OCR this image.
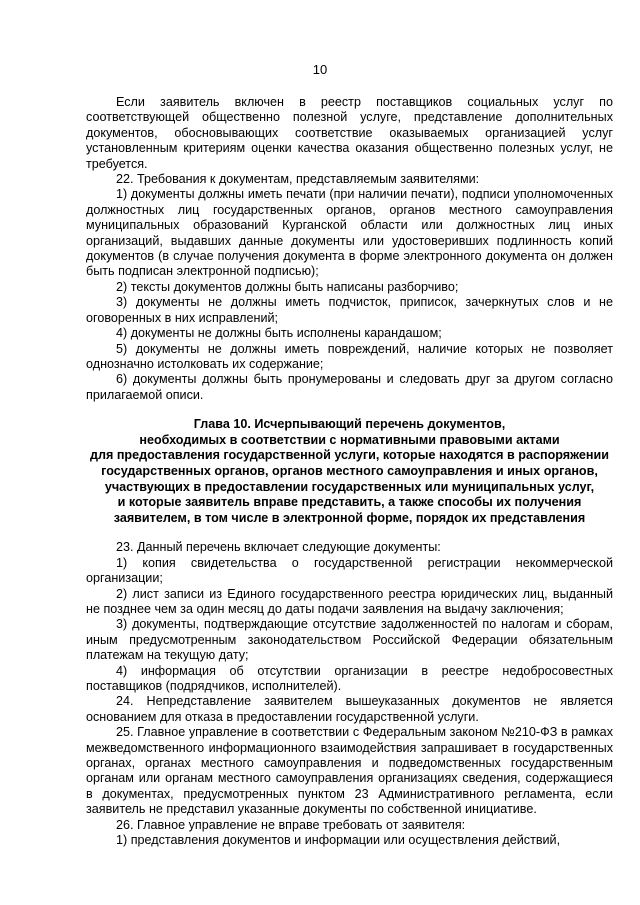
10

Если заявитель включен в реестр поставщиков социальных услуг по соответствующей общественно полезной услуге, представление дополнительных документов, обосновывающих соответствие оказываемых организацией услуг установленным критериям оценки качества оказания общественно полезных услуг, не требуется.

22. Требования к документам, представляемым заявителями:

1) документы должны иметь печати (при наличии печати), подписи уполномоченных должностных лиц государственных органов, органов местного самоуправления муниципальных образований Курганской области или должностных лиц иных организаций, выдавших данные документы или удостоверивших подлинность копий документов (в случае получения документа в форме электронного документа он должен быть подписан электронной подписью);

2) тексты документов должны быть написаны разборчиво;

3) документы не должны иметь подчисток, приписок, зачеркнутых слов и не оговоренных в них исправлений;

4) документы не должны быть исполнены карандашом;

5) документы не должны иметь повреждений, наличие которых не позволяет однозначно истолковать их содержание;

6) документы должны быть пронумерованы и следовать друг за другом согласно прилагаемой описи.

Глава 10. Исчерпывающий перечень документов,
необходимых в соответствии с нормативными правовыми актами
для предоставления государственной услуги, которые находятся в распоряжении
государственных органов, органов местного самоуправления и иных органов,
участвующих в предоставлении государственных или муниципальных услуг,
и которые заявитель вправе представить, а также способы их получения
заявителем, в том числе в электронной форме, порядок их представления

23. Данный перечень включает следующие документы:

1) копия свидетельства о государственной регистрации некоммерческой организации;

2) лист записи из Единого государственного реестра юридических лиц, выданный не позднее чем за один месяц до даты подачи заявления на выдачу заключения;

3) документы, подтверждающие отсутствие задолженностей по налогам и сборам, иным предусмотренным законодательством Российской Федерации обязательным платежам на текущую дату;

4) информация об отсутствии организации в реестре недобросовестных поставщиков (подрядчиков, исполнителей).

24. Непредставление заявителем вышеуказанных документов не является основанием для отказа в предоставлении государственной услуги.

25. Главное управление в соответствии с Федеральным законом №210-ФЗ в рамках межведомственного информационного взаимодействия запрашивает в государственных органах, органах местного самоуправления и подведомственных государственным органам или органам местного самоуправления организациях сведения, содержащиеся в документах, предусмотренных пунктом 23 Административного регламента, если заявитель не представил указанные документы по собственной инициативе.

26. Главное управление не вправе требовать от заявителя:

1) представления документов и информации или осуществления действий,
